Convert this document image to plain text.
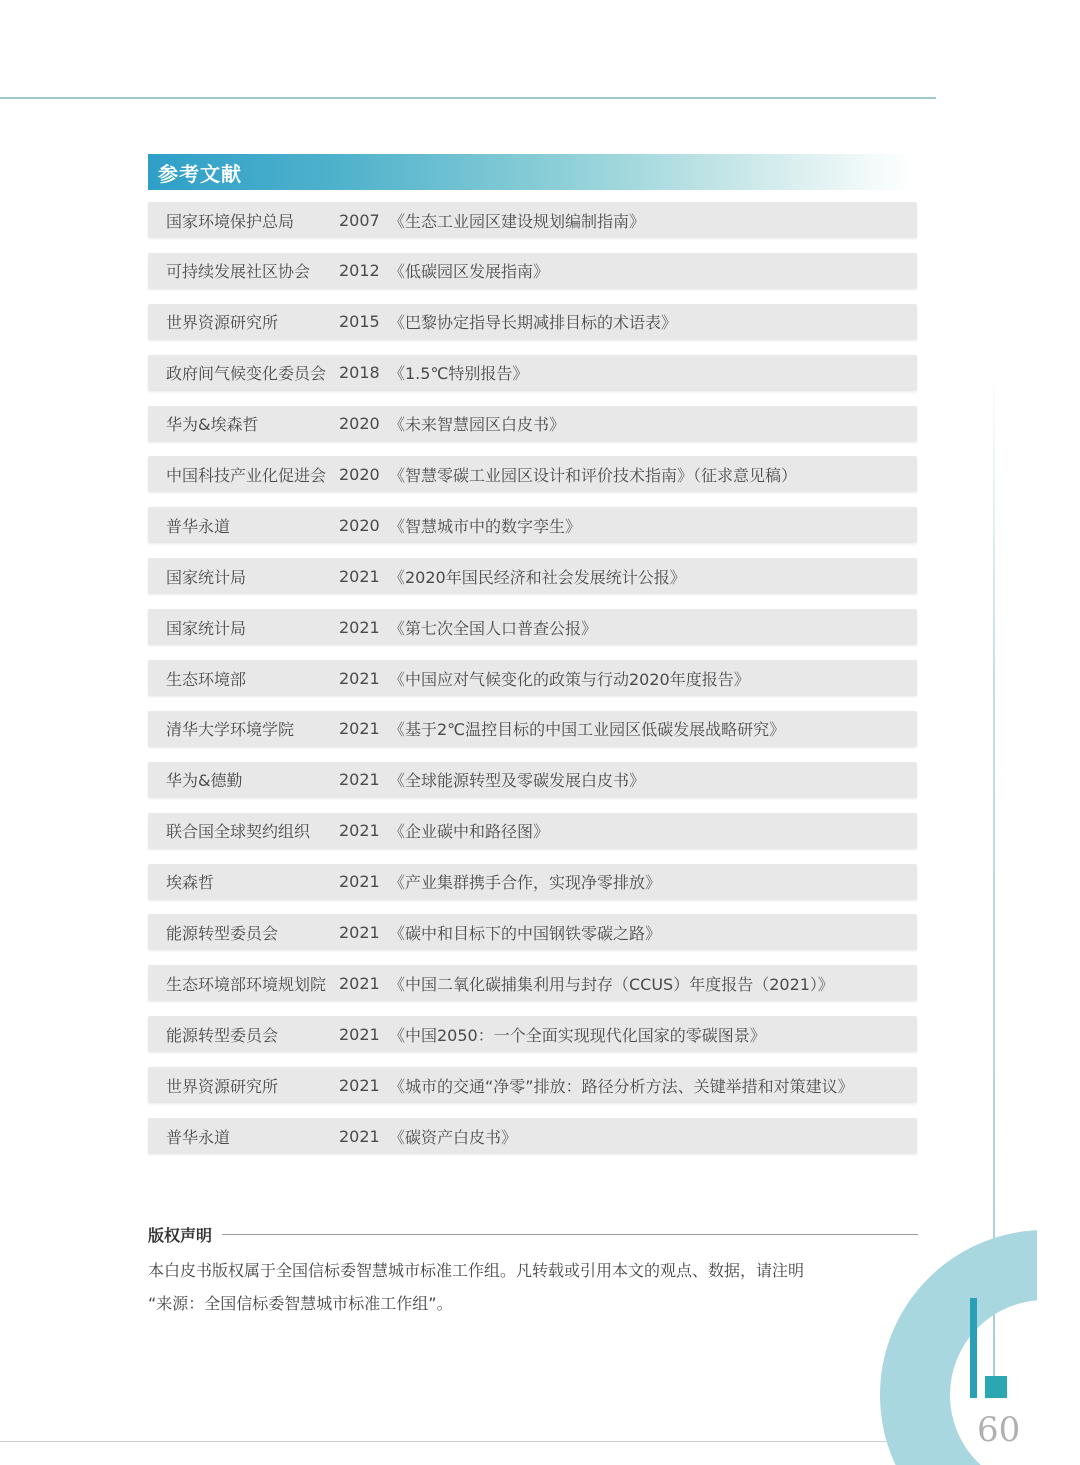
参考文献
国家环境保护总局	2007 《生态工业园区建设规划编制指南》
可持续发展社区协会	2012 《低碳园区发展指南》
世界资源研究所	2015 《巴黎协定指导长期减排目标的术语表》
政府间气候变化委员会 2018 《1.5℃特别报告》
华为&埃森哲	2020 《未来智慧园区白皮书》
中国科技产业化促进会 2020 《智慧零碳工业园区设计和评价技术指南》（征求意见稿）
普华永道	2020 《智慧城市中的数字孪生》
国家统计局	2021 《2020年国民经济和社会发展统计公报》
国家统计局	2021 《第七次全国人口普查公报》
生态环境部	2021 《中国应对气候变化的政策与行动2020年度报告》
清华大学环境学院	2021 《基于2℃温控目标的中国工业园区低碳发展战略研究》
华为&德勤	2021 《全球能源转型及零碳发展白皮书》
联合国全球契约组织	2021 《企业碳中和路径图》
埃森哲	2021 《产业集群携手合作，实现净零排放》
能源转型委员会	2021 《碳中和目标下的中国钢铁零碳之路》
生态环境部环境规划院 2021 《中国二氧化碳捕集利用与封存（CCUS）年度报告（2021）》
能源转型委员会	2021 《中国2050：一个全面实现现代化国家的零碳图景》
世界资源研究所	2021 《城市的交通“净零”排放：路径分析方法、关键举措和对策建议》
普华永道	2021 《碳资产白皮书》
版权声明
本白皮书版权属于全国信标委智慧城市标准工作组。凡转载或引用本文的观点、数据，请注明
“来源：全国信标委智慧城市标准工作组”。
60
